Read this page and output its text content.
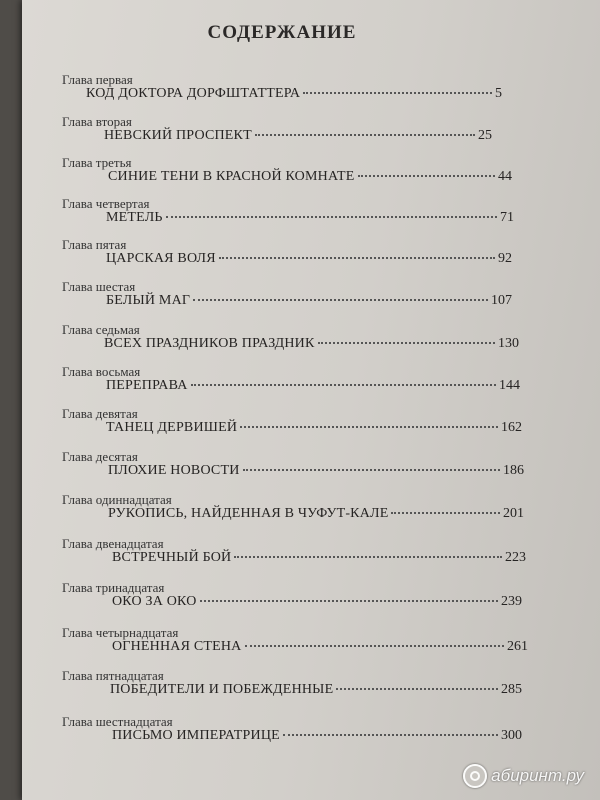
СОДЕРЖАНИЕ
Глава первая
КОД ДОКТОРА ДОРФШТАТТЕРА	5
Глава вторая
НЕВСКИЙ ПРОСПЕКТ	25
Глава третья
СИНИЕ ТЕНИ В КРАСНОЙ КОМНАТЕ	44
Глава четвертая
МЕТЕЛЬ	71
Глава пятая
ЦАРСКАЯ ВОЛЯ	92
Глава шестая
БЕЛЫЙ МАГ	107
Глава седьмая
ВСЕХ ПРАЗДНИКОВ ПРАЗДНИК	130
Глава восьмая
ПЕРЕПРАВА	144
Глава девятая
ТАНЕЦ ДЕРВИШЕЙ	162
Глава десятая
ПЛОХИЕ НОВОСТИ	186
Глава одиннадцатая
РУКОПИСЬ, НАЙДЕННАЯ В ЧУФУТ-КАЛЕ	201
Глава двенадцатая
ВСТРЕЧНЫЙ БОЙ	223
Глава тринадцатая
ОКО ЗА ОКО	239
Глава четырнадцатая
ОГНЕННАЯ СТЕНА	261
Глава пятнадцатая
ПОБЕДИТЕЛИ И ПОБЕЖДЕННЫЕ	285
Глава шестнадцатая
ПИСЬМО ИМПЕРАТРИЦЕ	300
абиринт.ру
